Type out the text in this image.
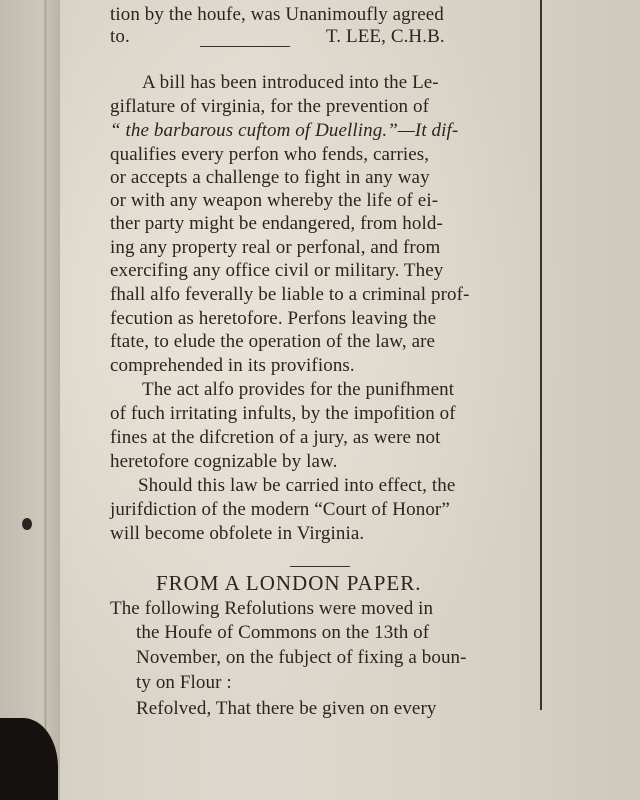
tion by the houfe, was Unanimoufly agreed
to.	T. LEE, C.H.B.
A bill has been introduced into the Le-
giflature of virginia, for the prevention of
“ the barbarous cuftom of Duelling.”—It dif-
qualifies every perfon who fends, carries,
or accepts a challenge to fight in any way
or with any weapon whereby the life of ei-
ther party might be endangered, from hold-
ing any property real or perfonal, and from
exercifing any office civil or military. They
fhall alfo feverally be liable to a criminal prof-
fecution as heretofore. Perfons leaving the
ftate, to elude the operation of the law, are
comprehended in its provifions.
The act alfo provides for the punifhment
of fuch irritating infults, by the impofition of
fines at the difcretion of a jury, as were not
heretofore cognizable by law.
Should this law be carried into effect, the
jurifdiction of the modern “Court of Honor”
will become obfolete in Virginia.
FROM A LONDON PAPER.
The following Refolutions were moved in
the Houfe of Commons on the 13th of
November, on the fubject of fixing a boun-
ty on Flour :
Refolved, That there be given on every
